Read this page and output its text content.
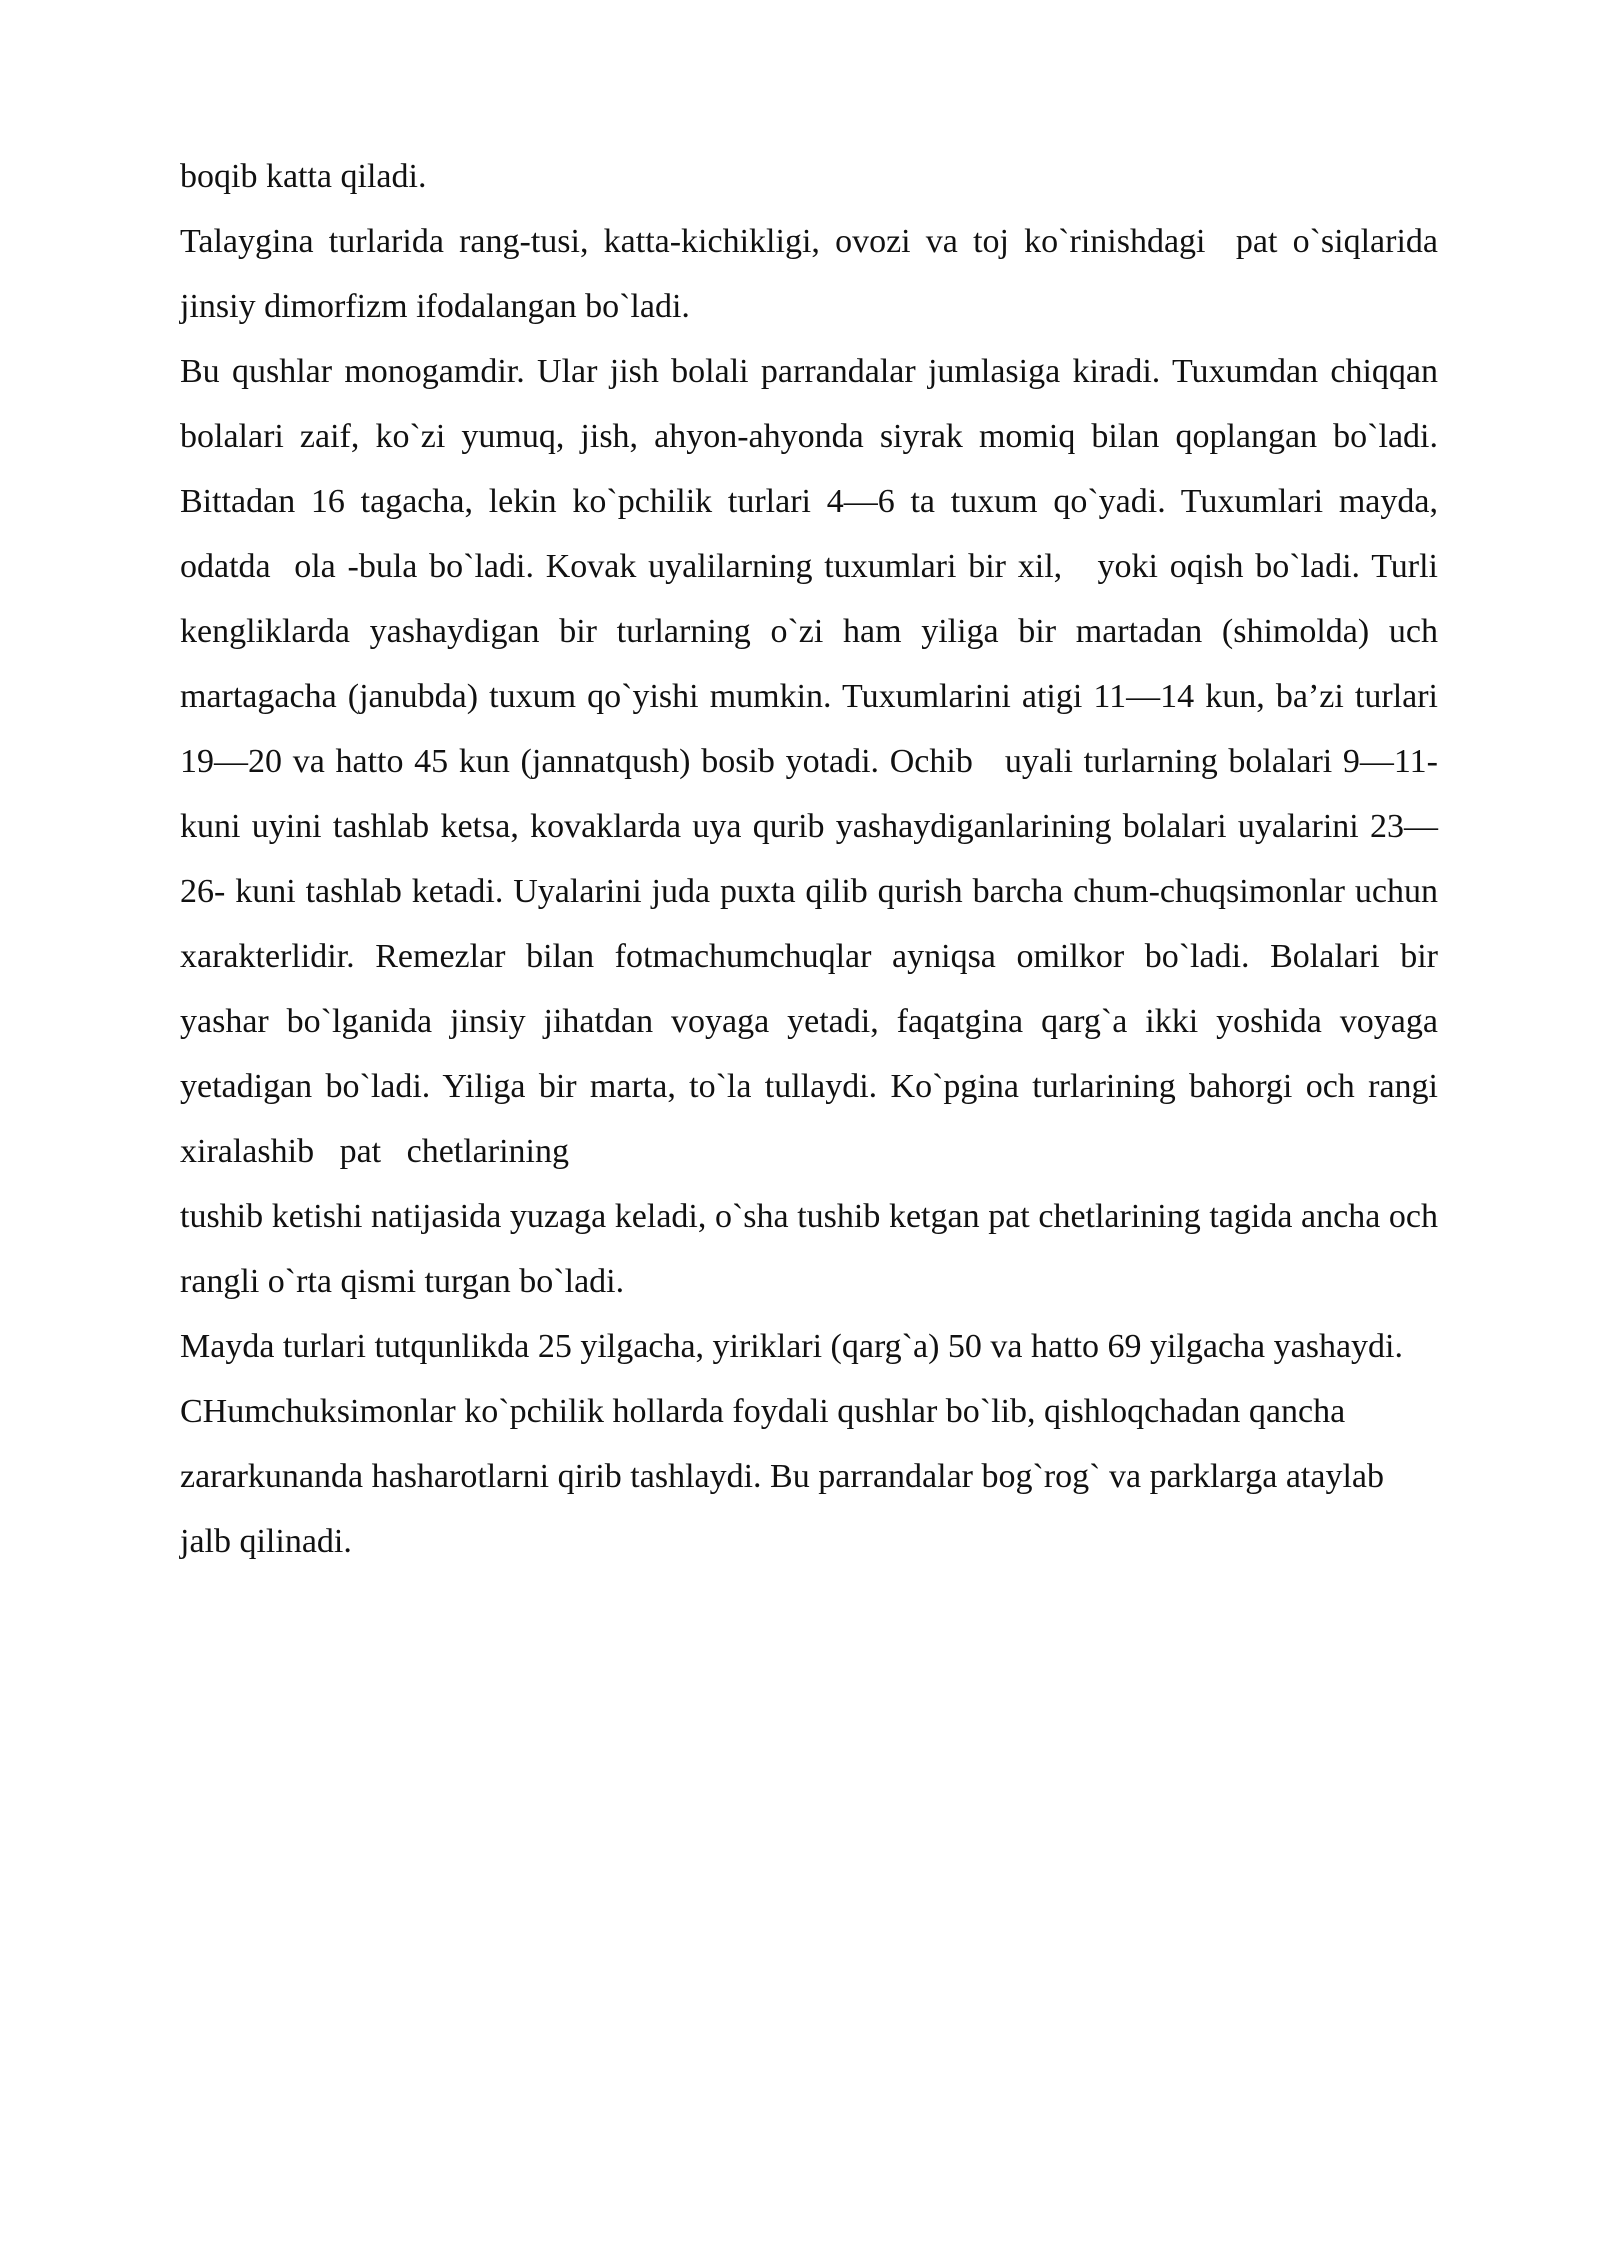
boqib katta qiladi.

Talaygina turlarida rang-tusi, katta-kichikligi, ovozi va toj ko`rinishdagi  pat o`siqlarida  jinsiy dimorfizm ifodalangan bo`ladi.

Bu qushlar monogamdir. Ular jish bolali parrandalar jumlasiga kiradi. Tuxumdan chiqqan bolalari zaif, ko`zi yumuq, jish, ahyon-ahyonda siyrak momiq bilan qoplangan bo`ladi. Bittadan 16 tagacha, lekin ko`pchilik turlari 4—6 ta tuxum qo`yadi. Tuxumlari mayda, odatda  ola -bula bo`ladi. Kovak uyalilarning tuxumlari bir xil,   yoki oqish bo`ladi. Turli kengliklarda yashaydigan bir turlarning o`zi ham yiliga bir martadan (shimolda) uch martagacha (janubda) tuxum qo`yishi mumkin. Tuxumlarini atigi 11—14 kun, ba’zi turlari 19—20 va hatto 45 kun (jannatqush) bosib yotadi. Ochib   uyali turlarning bolalari 9—11-kuni uyini tashlab ketsa, kovaklarda uya qurib yashaydiganlarining bolalari uyalarini 23— 26- kuni tashlab ketadi. Uyalarini juda puxta qilib qurish barcha chum-chuqsimonlar uchun xarakterlidir. Remezlar bilan fotmachumchuqlar ayniqsa omilkor bo`ladi. Bolalari bir yashar bo`lganida jinsiy jihatdan voyaga yetadi, faqatgina qarg`a ikki yoshida voyaga yetadigan bo`ladi. Yiliga bir marta, to`la tullaydi. Ko`pgina turlarining bahorgi och rangi xiralashib   pat   chetlarining

tushib ketishi natijasida yuzaga keladi, o`sha tushib ketgan pat chetlarining tagida ancha och rangli o`rta qismi turgan bo`ladi.

Mayda turlari tutqunlikda 25 yilgacha, yiriklari (qarg`a) 50 va hatto 69 yilgacha yashaydi.

CHumchuksimonlar ko`pchilik hollarda foydali qushlar bo`lib, qishloqchadan qancha zararkunanda hasharotlarni qirib tashlaydi. Bu parrandalar bog`rog` va parklarga ataylab jalb qilinadi.
